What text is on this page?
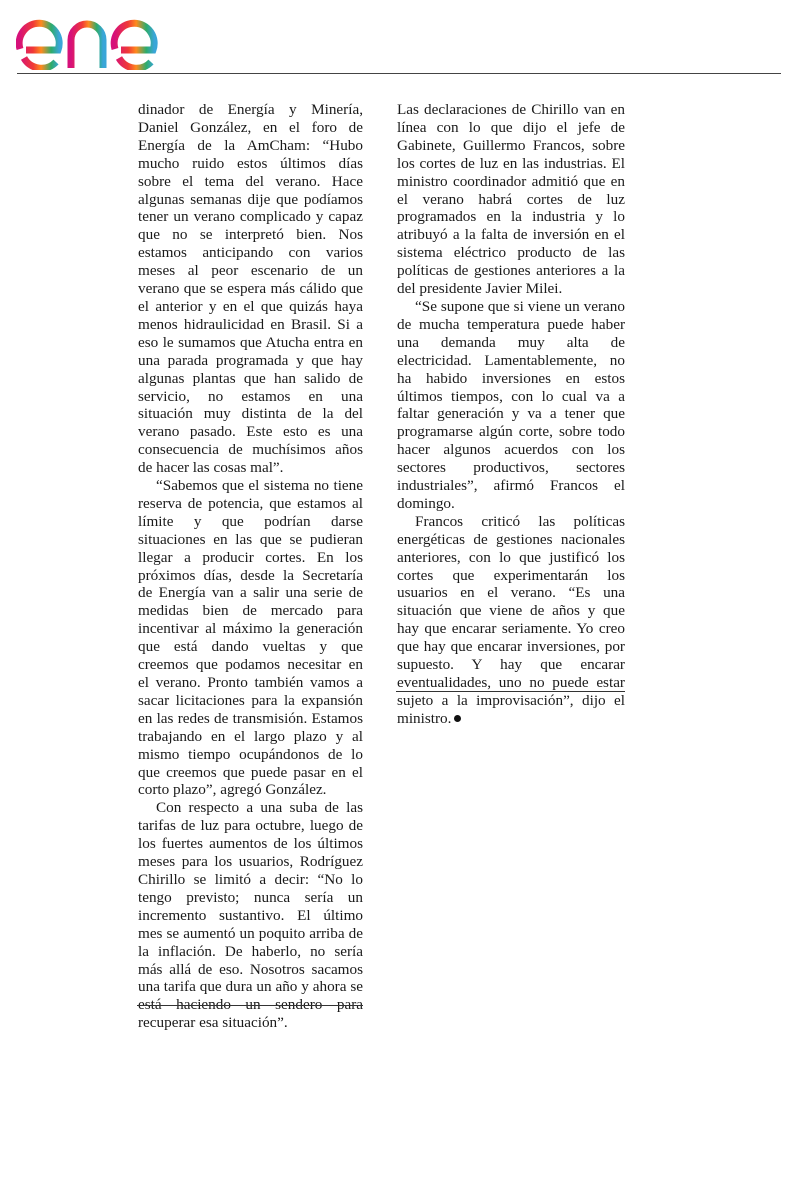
dinador de Energía y Minería, Daniel González, en el foro de Energía de la AmCham: “Hubo mucho ruido estos últimos días sobre el tema del verano. Hace algunas semanas dije que podíamos tener un verano complicado y capaz que no se interpretó bien. Nos estamos anticipando con varios meses al peor escenario de un verano que se espera más cálido que el anterior y en el que quizás haya menos hidraulicidad en Brasil. Si a eso le sumamos que Atucha entra en una parada programada y que hay algunas plantas que han salido de servicio, no estamos en una situación muy distinta de la del verano pasado. Este esto es una consecuencia de muchísimos años de hacer las cosas mal”.

“Sabemos que el sistema no tiene reserva de potencia, que estamos al límite y que podrían darse situaciones en las que se pudieran llegar a producir cortes. En los próximos días, desde la Secretaría de Energía van a salir una serie de medidas bien de mercado para incentivar al máximo la generación que está dando vueltas y que creemos que podamos necesitar en el verano. Pronto también vamos a sacar licitaciones para la expansión en las redes de transmisión. Estamos trabajando en el largo plazo y al mismo tiempo ocupándonos de lo que creemos que puede pasar en el corto plazo”, agregó González.

Con respecto a una suba de las tarifas de luz para octubre, luego de los fuertes aumentos de los últimos meses para los usuarios, Rodríguez Chirillo se limitó a decir: “No lo tengo previsto; nunca sería un incremento sustantivo. El último mes se aumentó un poquito arriba de la inflación. De haberlo, no sería más allá de eso. Nosotros sacamos una tarifa que dura un año y ahora se está haciendo un sendero para recuperar esa situación”.

Las declaraciones de Chirillo van en línea con lo que dijo el jefe de Gabinete, Guillermo Francos, sobre los cortes de luz en las industrias. El ministro coordinador admitió que en el verano habrá cortes de luz programados en la industria y lo atribuyó a la falta de inversión en el sistema eléctrico producto de las políticas de gestiones anteriores a la del presidente Javier Milei.

“Se supone que si viene un verano de mucha temperatura puede haber una demanda muy alta de electricidad. Lamentablemente, no ha habido inversiones en estos últimos tiempos, con lo cual va a faltar generación y va a tener que programarse algún corte, sobre todo hacer algunos acuerdos con los sectores productivos, sectores industriales”, afirmó Francos el domingo.

Francos criticó las políticas energéticas de gestiones nacionales anteriores, con lo que justificó los cortes que experimentarán los usuarios en el verano. “Es una situación que viene de años y que hay que encarar seriamente. Yo creo que hay que encarar inversiones, por supuesto. Y hay que encarar eventualidades, uno no puede estar sujeto a la improvisación”, dijo el ministro.
